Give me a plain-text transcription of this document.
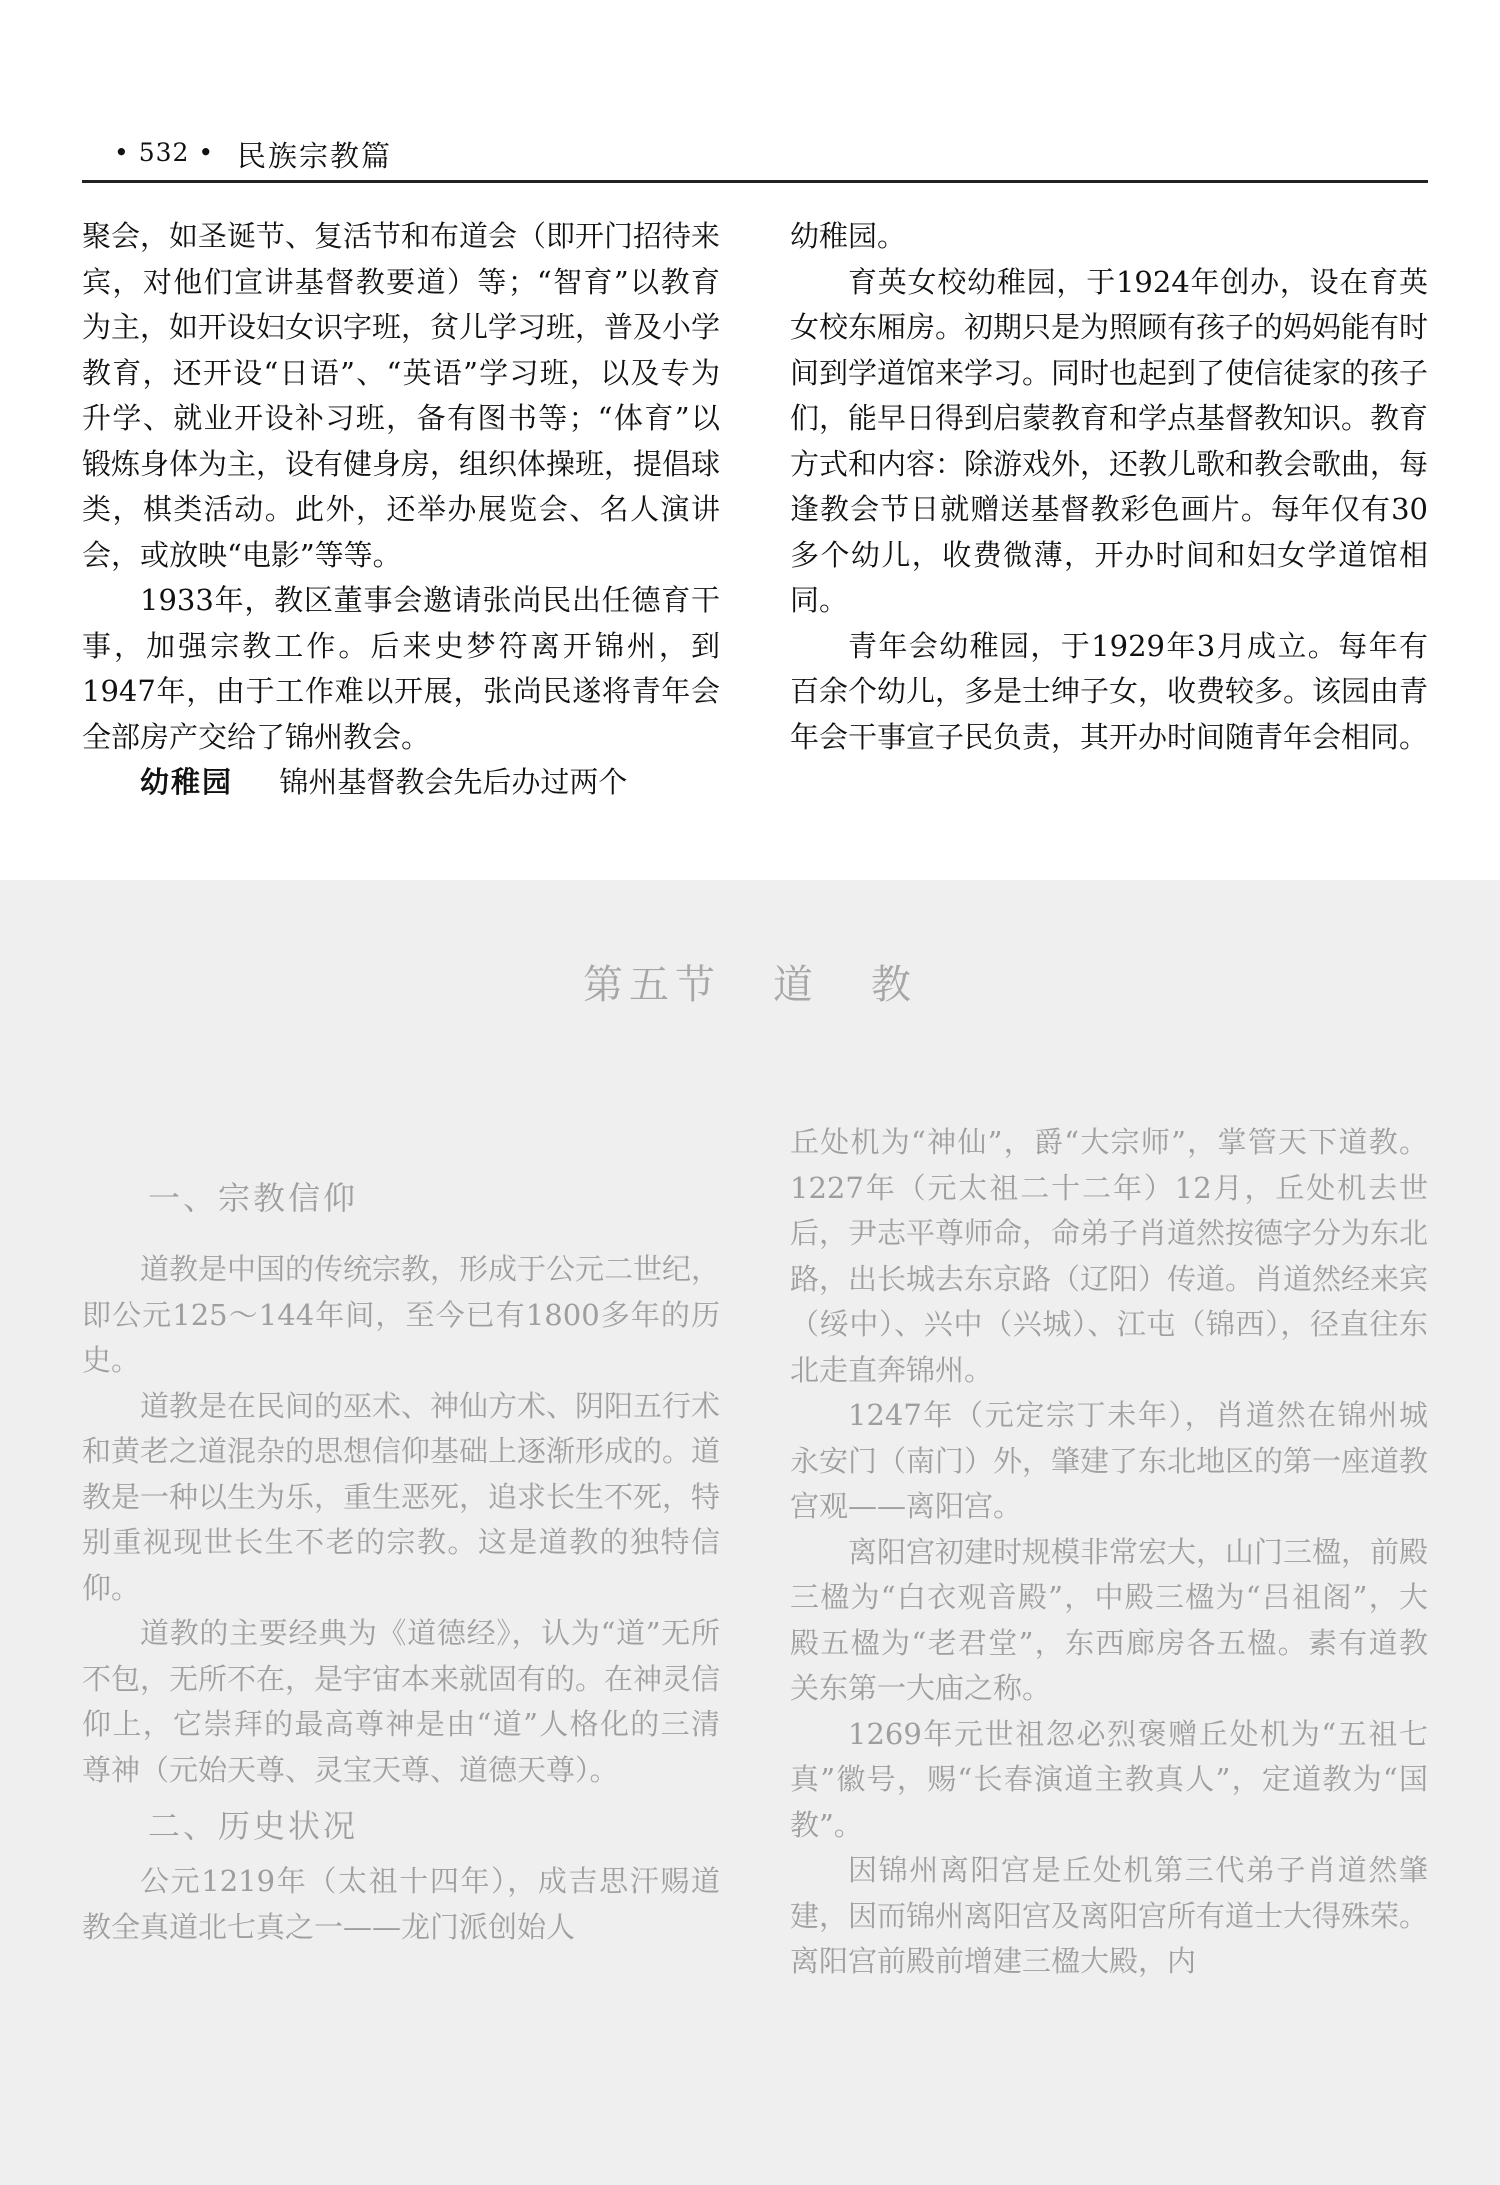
• 532 • 民族宗教篇

聚会，如圣诞节、复活节和布道会（即开门招待来宾，对他们宣讲基督教要道）等；“智育”以教育为主，如开设妇女识字班，贫儿学习班，普及小学教育，还开设“日语”、“英语”学习班，以及专为升学、就业开设补习班，备有图书等；“体育”以锻炼身体为主，设有健身房，组织体操班，提倡球类，棋类活动。此外，还举办展览会、名人演讲会，或放映“电影”等等。

1933年，教区董事会邀请张尚民出任德育干事，加强宗教工作。后来史梦符离开锦州，到1947年，由于工作难以开展，张尚民遂将青年会全部房产交给了锦州教会。

幼稚园 锦州基督教会先后办过两个

幼稚园。

育英女校幼稚园，于1924年创办，设在育英女校东厢房。初期只是为照顾有孩子的妈妈能有时间到学道馆来学习。同时也起到了使信徒家的孩子们，能早日得到启蒙教育和学点基督教知识。教育方式和内容：除游戏外，还教儿歌和教会歌曲，每逢教会节日就赠送基督教彩色画片。每年仅有30多个幼儿，收费微薄，开办时间和妇女学道馆相同。

青年会幼稚园，于1929年3月成立。每年有百余个幼儿，多是士绅子女，收费较多。该园由青年会干事宣子民负责，其开办时间随青年会相同。

第五节 道 教

一、宗教信仰

道教是中国的传统宗教，形成于公元二世纪，即公元125～144年间，至今已有1800多年的历史。

道教是在民间的巫术、神仙方术、阴阳五行术和黄老之道混杂的思想信仰基础上逐渐形成的。道教是一种以生为乐，重生恶死，追求长生不死，特别重视现世长生不老的宗教。这是道教的独特信仰。

道教的主要经典为《道德经》，认为“道”无所不包，无所不在，是宇宙本来就固有的。在神灵信仰上，它崇拜的最高尊神是由“道”人格化的三清尊神（元始天尊、灵宝天尊、道德天尊）。

二、历史状况

公元1219年（太祖十四年），成吉思汗赐道教全真道北七真之一——龙门派创始人

丘处机为“神仙”，爵“大宗师”，掌管天下道教。1227年（元太祖二十二年）12月，丘处机去世后，尹志平尊师命，命弟子肖道然按德字分为东北路，出长城去东京路（辽阳）传道。肖道然经来宾（绥中）、兴中（兴城）、江屯（锦西），径直往东北走直奔锦州。

1247年（元定宗丁未年），肖道然在锦州城永安门（南门）外，肇建了东北地区的第一座道教宫观——离阳宫。

离阳宫初建时规模非常宏大，山门三楹，前殿三楹为“白衣观音殿”，中殿三楹为“吕祖阁”，大殿五楹为“老君堂”，东西廊房各五楹。素有道教关东第一大庙之称。

1269年元世祖忽必烈褒赠丘处机为“五祖七真”徽号，赐“长春演道主教真人”，定道教为“国教”。

因锦州离阳宫是丘处机第三代弟子肖道然肇建，因而锦州离阳宫及离阳宫所有道士大得殊荣。离阳宫前殿前增建三楹大殿，内
